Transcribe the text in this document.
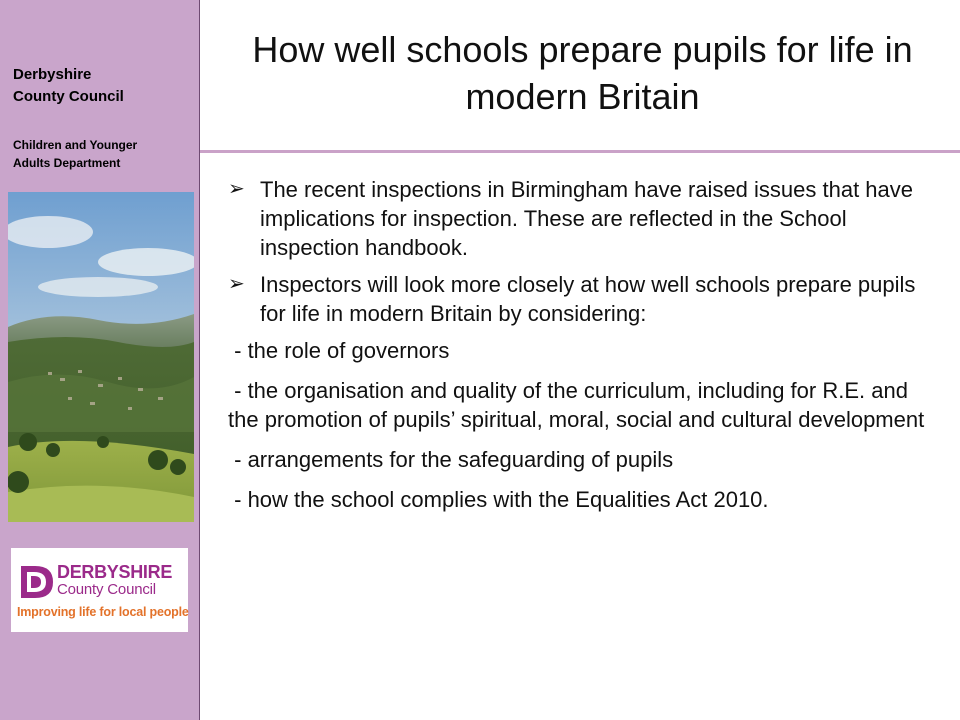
Derbyshire
County Council
Children and Younger
Adults Department
DERBYSHIRE
County Council
Improving life for local people
How well schools prepare pupils for life in modern Britain
➢ The recent inspections in Birmingham have raised issues that have implications for inspection. These are reflected in the School inspection handbook.
➢ Inspectors will look more closely at how well schools prepare pupils for life in modern Britain by considering:
- the role of governors
- the organisation and quality of the curriculum, including for R.E. and the promotion of pupils’ spiritual, moral, social and cultural development
- arrangements for the safeguarding of pupils
- how the school complies with the Equalities Act 2010.
